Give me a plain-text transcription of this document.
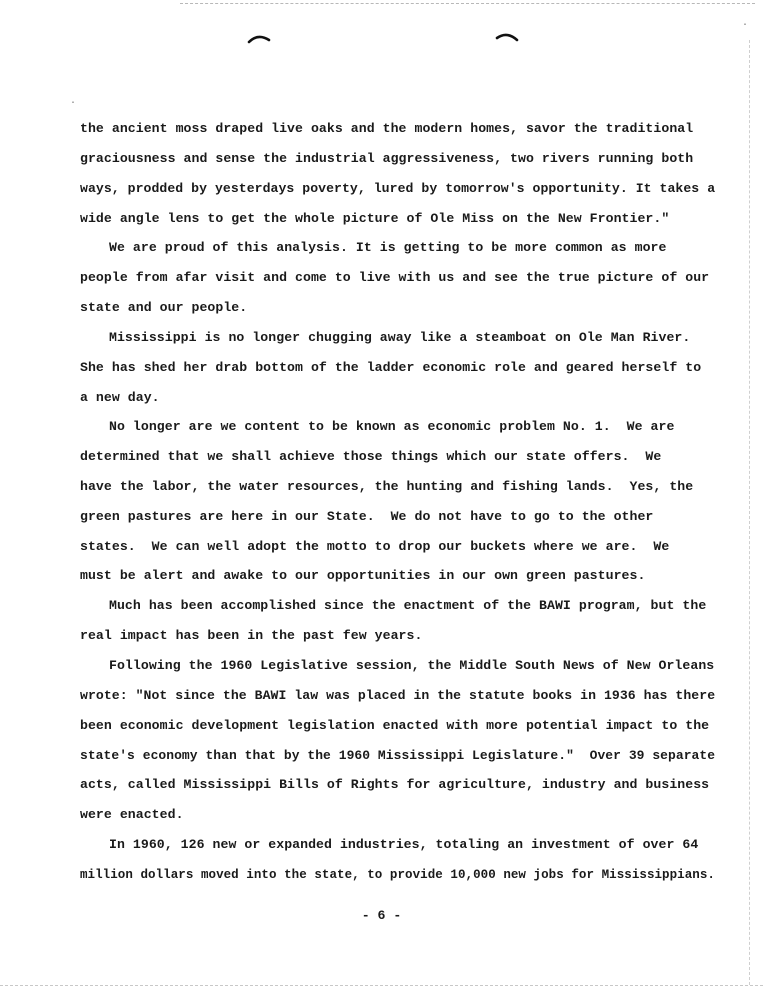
·
·
the ancient moss draped live oaks and the modern homes, savor the traditional
graciousness and sense the industrial aggressiveness, two rivers running both
ways, prodded by yesterdays poverty, lured by tomorrow's opportunity. It takes a
wide angle lens to get the whole picture of Ole Miss on the New Frontier."
We are proud of this analysis. It is getting to be more common as more
people from afar visit and come to live with us and see the true picture of our
state and our people.
Mississippi is no longer chugging away like a steamboat on Ole Man River.
She has shed her drab bottom of the ladder economic role and geared herself to
a new day.
No longer are we content to be known as economic problem No. 1.  We are
determined that we shall achieve those things which our state offers.  We
have the labor, the water resources, the hunting and fishing lands.  Yes, the
green pastures are here in our State.  We do not have to go to the other
states.  We can well adopt the motto to drop our buckets where we are.  We
must be alert and awake to our opportunities in our own green pastures.
Much has been accomplished since the enactment of the BAWI program, but the
real impact has been in the past few years.
Following the 1960 Legislative session, the Middle South News of New Orleans
wrote: "Not since the BAWI law was placed in the statute books in 1936 has there
been economic development legislation enacted with more potential impact to the
state's economy than that by the 1960 Mississippi Legislature."  Over 39 separate
acts, called Mississippi Bills of Rights for agriculture, industry and business
were enacted.
In 1960, 126 new or expanded industries, totaling an investment of over 64
million dollars moved into the state, to provide 10,000 new jobs for Mississippians.
- 6 -
